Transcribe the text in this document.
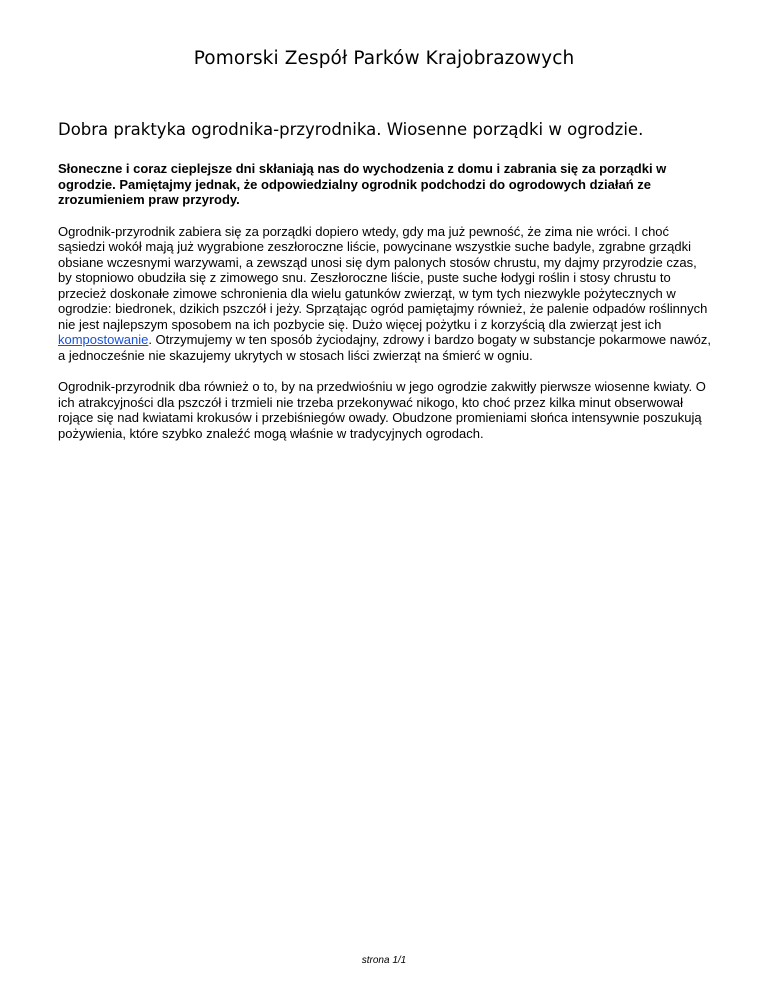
Pomorski Zespół Parków Krajobrazowych
Dobra praktyka ogrodnika-przyrodnika. Wiosenne porządki w ogrodzie.

Słoneczne i coraz cieplejsze dni skłaniają nas do wychodzenia z domu i zabrania się za porządki w ogrodzie. Pamiętajmy jednak, że odpowiedzialny ogrodnik podchodzi do ogrodowych działań ze zrozumieniem praw przyrody.

Ogrodnik-przyrodnik zabiera się za porządki dopiero wtedy, gdy ma już pewność, że zima nie wróci. I choć sąsiedzi wokół mają już wygrabione zeszłoroczne liście, powycinane wszystkie suche badyle, zgrabne grządki obsiane wczesnymi warzywami, a zewsząd unosi się dym palonych stosów chrustu, my dajmy przyrodzie czas, by stopniowo obudziła się z zimowego snu. Zeszłoroczne liście, puste suche łodygi roślin i stosy chrustu to przecież doskonałe zimowe schronienia dla wielu gatunków zwierząt, w tym tych niezwykle pożytecznych w ogrodzie: biedronek, dzikich pszczół i jeży. Sprzątając ogród pamiętajmy również, że palenie odpadów roślinnych nie jest najlepszym sposobem na ich pozbycie się. Dużo więcej pożytku i z korzyścią dla zwierząt jest ich kompostowanie. Otrzymujemy w ten sposób życiodajny, zdrowy i bardzo bogaty w substancje pokarmowe nawóz, a jednocześnie nie skazujemy ukrytych w stosach liści zwierząt na śmierć w ogniu.

Ogrodnik-przyrodnik dba również o to, by na przedwiośniu w jego ogrodzie zakwitły pierwsze wiosenne kwiaty. O ich atrakcyjności dla pszczół i trzmieli nie trzeba przekonywać nikogo, kto choć przez kilka minut obserwował rojące się nad kwiatami krokusów i przebiśniegów owady. Obudzone promieniami słońca intensywnie poszukują pożywienia, które szybko znaleźć mogą właśnie w tradycyjnych ogrodach.

strona 1/1
